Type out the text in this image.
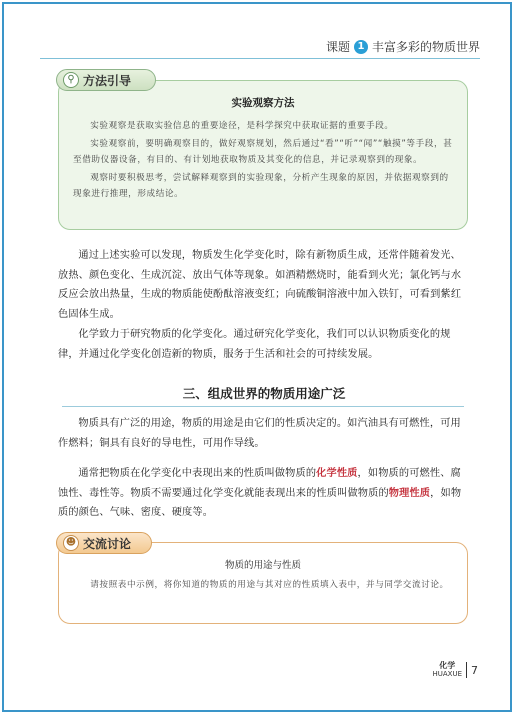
课题 1 丰富多彩的物质世界
⚲ 方法引导
实验观察方法

实验观察是获取实验信息的重要途径，是科学探究中获取证据的重要手段。

实验观察前，要明确观察目的，做好观察规划，然后通过“看”“听”“闻”“触摸”等手段，甚至借助仪器设备，有目的、有计划地获取物质及其变化的信息，并记录观察到的现象。

观察时要积极思考，尝试解释观察到的实验现象，分析产生现象的原因，并依据观察到的现象进行推理，形成结论。

通过上述实验可以发现，物质发生化学变化时，除有新物质生成，还常伴随着发光、放热、颜色变化、生成沉淀、放出气体等现象。如酒精燃烧时，能看到火光；氯化钙与水反应会放出热量，生成的物质能使酚酞溶液变红；向硫酸铜溶液中加入铁钉，可看到紫红色固体生成。

化学致力于研究物质的化学变化。通过研究化学变化，我们可以认识物质变化的规律，并通过化学变化创造新的物质，服务于生活和社会的可持续发展。

三、组成世界的物质用途广泛

物质具有广泛的用途，物质的用途是由它们的性质决定的。如汽油具有可燃性，可用作燃料；铜具有良好的导电性，可用作导线。

通常把物质在化学变化中表现出来的性质叫做物质的化学性质，如物质的可燃性、腐蚀性、毒性等。物质不需要通过化学变化就能表现出来的性质叫做物质的物理性质，如物质的颜色、气味、密度、硬度等。

☻ 交流讨论
物质的用途与性质

请按照表中示例，将你知道的物质的用途与其对应的性质填入表中，并与同学交流讨论。

化学
HUAXUE 7
